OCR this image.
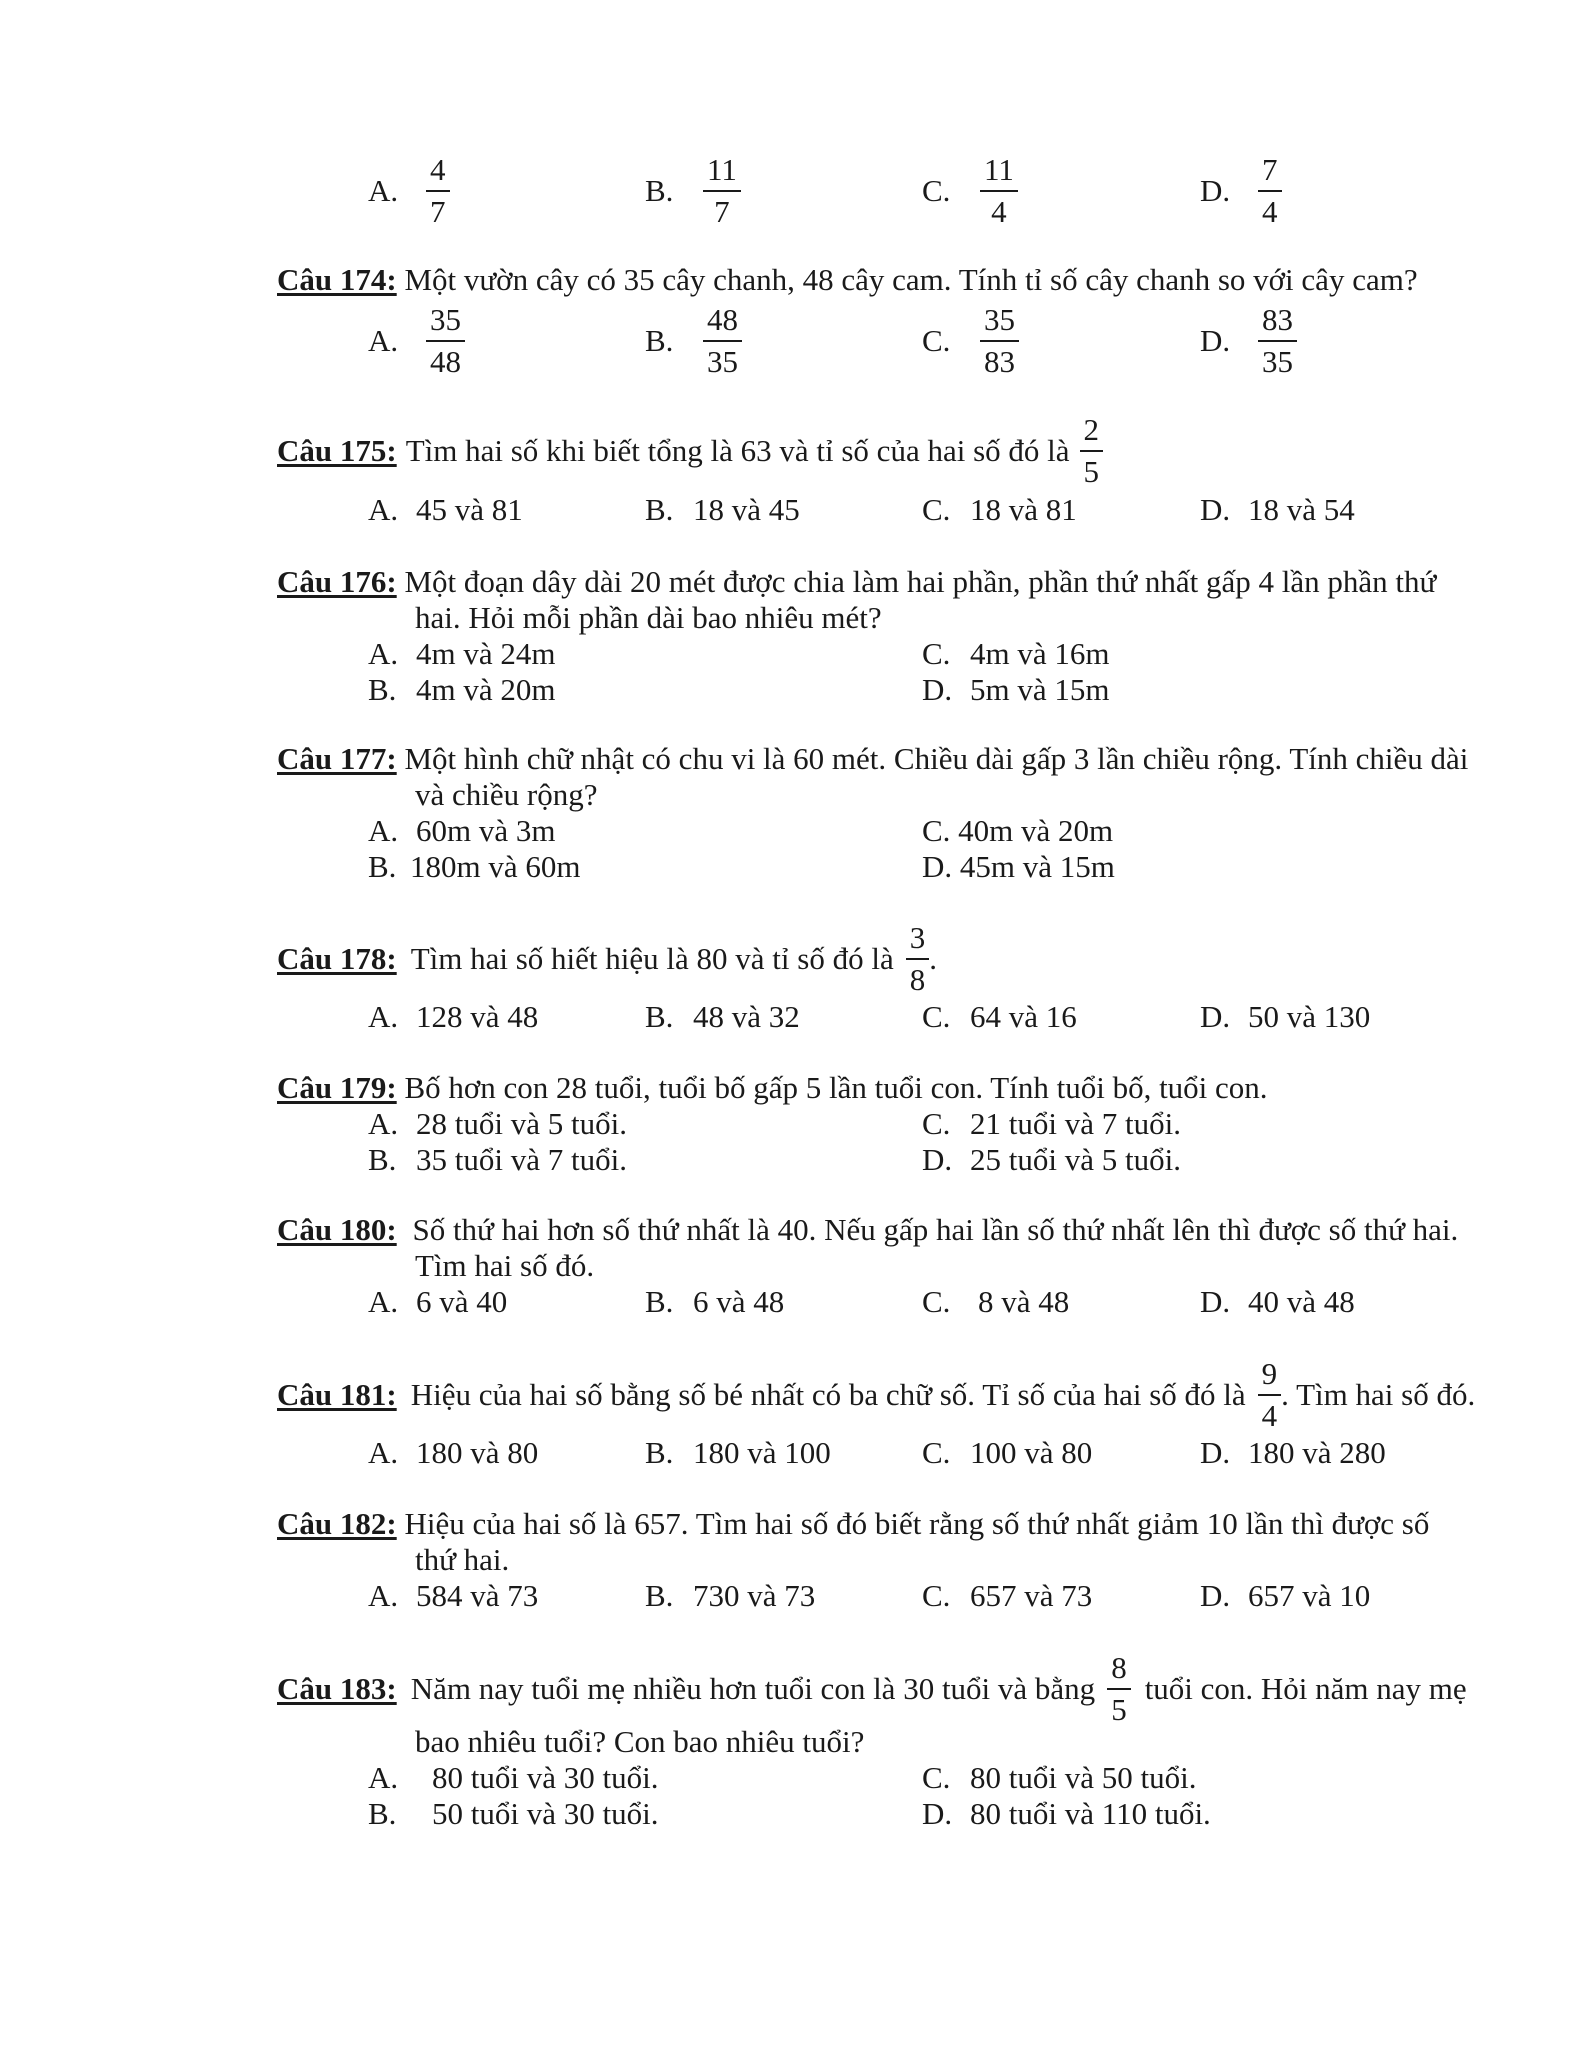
A. $\frac{4}{7}$	B. $\frac{11}{7}$	C. $\frac{11}{4}$	D. $\frac{7}{4}$
Câu 174: Một vườn cây có 35 cây chanh, 48 cây cam. Tính tỉ số cây chanh so với cây cam?
A. $\frac{35}{48}$	B. $\frac{48}{35}$	C. $\frac{35}{83}$	D. $\frac{83}{35}$
Câu 175: Tìm hai số khi biết tổng là 63 và tỉ số của hai số đó là $\frac{2}{5}$
A. 45 và 81	B. 18 và 45	C. 18 và 81	D. 18 và 54
Câu 176: Một đoạn dây dài 20 mét được chia làm hai phần, phần thứ nhất gấp 4 lần phần thứ
hai. Hỏi mỗi phần dài bao nhiêu mét?
A. 4m và 24m	C. 4m và 16m
B. 4m và 20m	D. 5m và 15m
Câu 177: Một hình chữ nhật có chu vi là 60 mét. Chiều dài gấp 3 lần chiều rộng. Tính chiều dài
và chiều rộng?
A. 60m và 3m	C. 40m và 20m
B. 180m và 60m	D. 45m và 15m
Câu 178: Tìm hai số hiết hiệu là 80 và tỉ số đó là $\frac{3}{8}$ .
A. 128 và 48	B. 48 và 32	C. 64 và 16	D. 50 và 130
Câu 179: Bố hơn con 28 tuổi, tuổi bố gấp 5 lần tuổi con. Tính tuổi bố, tuổi con.
A. 28 tuổi và 5 tuổi.	C. 21 tuổi và 7 tuổi.
B. 35 tuổi và 7 tuổi.	D. 25 tuổi và 5 tuổi.
Câu 180: Số thứ hai hơn số thứ nhất là 40. Nếu gấp hai lần số thứ nhất lên thì được số thứ hai.
Tìm hai số đó.
A. 6 và 40	B. 6 và 48	C. 8 và 48	D. 40 và 48
Câu 181: Hiệu của hai số bằng số bé nhất có ba chữ số. Tỉ số của hai số đó là $\frac{9}{4}$ . Tìm hai số đó.
A. 180 và 80	B. 180 và 100	C. 100 và 80	D. 180 và 280
Câu 182: Hiệu của hai số là 657. Tìm hai số đó biết rằng số thứ nhất giảm 10 lần thì được số
thứ hai.
A. 584 và 73	B. 730 và 73	C. 657 và 73	D. 657 và 10
Câu 183: Năm nay tuổi mẹ nhiều hơn tuổi con là 30 tuổi và bằng $\frac{8}{5}$ tuổi con. Hỏi năm nay mẹ
bao nhiêu tuổi? Con bao nhiêu tuổi?
A. 80 tuổi và 30 tuổi.	C. 80 tuổi và 50 tuổi.
B. 50 tuổi và 30 tuổi.	D. 80 tuổi và 110 tuổi.
